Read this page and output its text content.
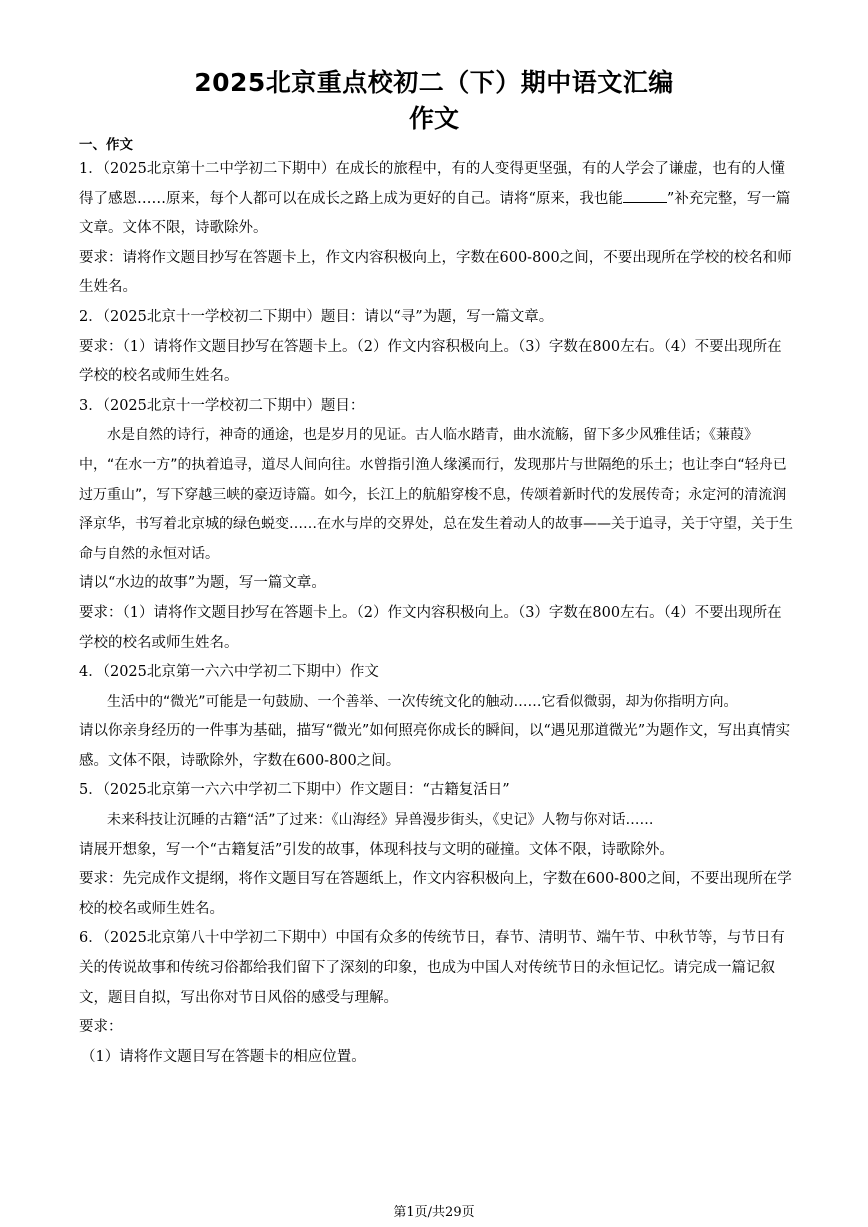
2025北京重点校初二（下）期中语文汇编
作文

一、作文

1．（2025北京第十二中学初二下期中）在成长的旅程中，有的人变得更坚强，有的人学会了谦虚，也有的人懂得了感恩……原来，每个人都可以在成长之路上成为更好的自己。请将“原来，我也能	”补充完整，写一篇文章。文体不限，诗歌除外。

要求：请将作文题目抄写在答题卡上，作文内容积极向上，字数在600-800之间，不要出现所在学校的校名和师生姓名。

2．（2025北京十一学校初二下期中）题目：请以“寻”为题，写一篇文章。

要求：（1）请将作文题目抄写在答题卡上。（2）作文内容积极向上。（3）字数在800左右。（4）不要出现所在学校的校名或师生姓名。

3．（2025北京十一学校初二下期中）题目：

水是自然的诗行，神奇的通途，也是岁月的见证。古人临水踏青，曲水流觞，留下多少风雅佳话；《蒹葭》中，“在水一方”的执着追寻，道尽人间向往。水曾指引渔人缘溪而行，发现那片与世隔绝的乐土；也让李白“轻舟已过万重山”，写下穿越三峡的豪迈诗篇。如今，长江上的航船穿梭不息，传颂着新时代的发展传奇；永定河的清流润泽京华，书写着北京城的绿色蜕变……在水与岸的交界处，总在发生着动人的故事——关于追寻，关于守望，关于生命与自然的永恒对话。

请以“水边的故事”为题，写一篇文章。

要求：（1）请将作文题目抄写在答题卡上。（2）作文内容积极向上。（3）字数在800左右。（4）不要出现所在学校的校名或师生姓名。

4．（2025北京第一六六中学初二下期中）作文

生活中的“微光”可能是一句鼓励、一个善举、一次传统文化的触动……它看似微弱，却为你指明方向。

请以你亲身经历的一件事为基础，描写“微光”如何照亮你成长的瞬间，以“遇见那道微光”为题作文，写出真情实感。文体不限，诗歌除外，字数在600-800之间。

5．（2025北京第一六六中学初二下期中）作文题目：“古籍复活日”

未来科技让沉睡的古籍“活”了过来：《山海经》异兽漫步街头，《史记》人物与你对话……

请展开想象，写一个“古籍复活”引发的故事，体现科技与文明的碰撞。文体不限，诗歌除外。

要求：先完成作文提纲，将作文题目写在答题纸上，作文内容积极向上，字数在600-800之间，不要出现所在学校的校名或师生姓名。

6．（2025北京第八十中学初二下期中）中国有众多的传统节日，春节、清明节、端午节、中秋节等，与节日有关的传说故事和传统习俗都给我们留下了深刻的印象，也成为中国人对传统节日的永恒记忆。请完成一篇记叙文，题目自拟，写出你对节日风俗的感受与理解。

要求：

（1）请将作文题目写在答题卡的相应位置。

第1页/共29页
